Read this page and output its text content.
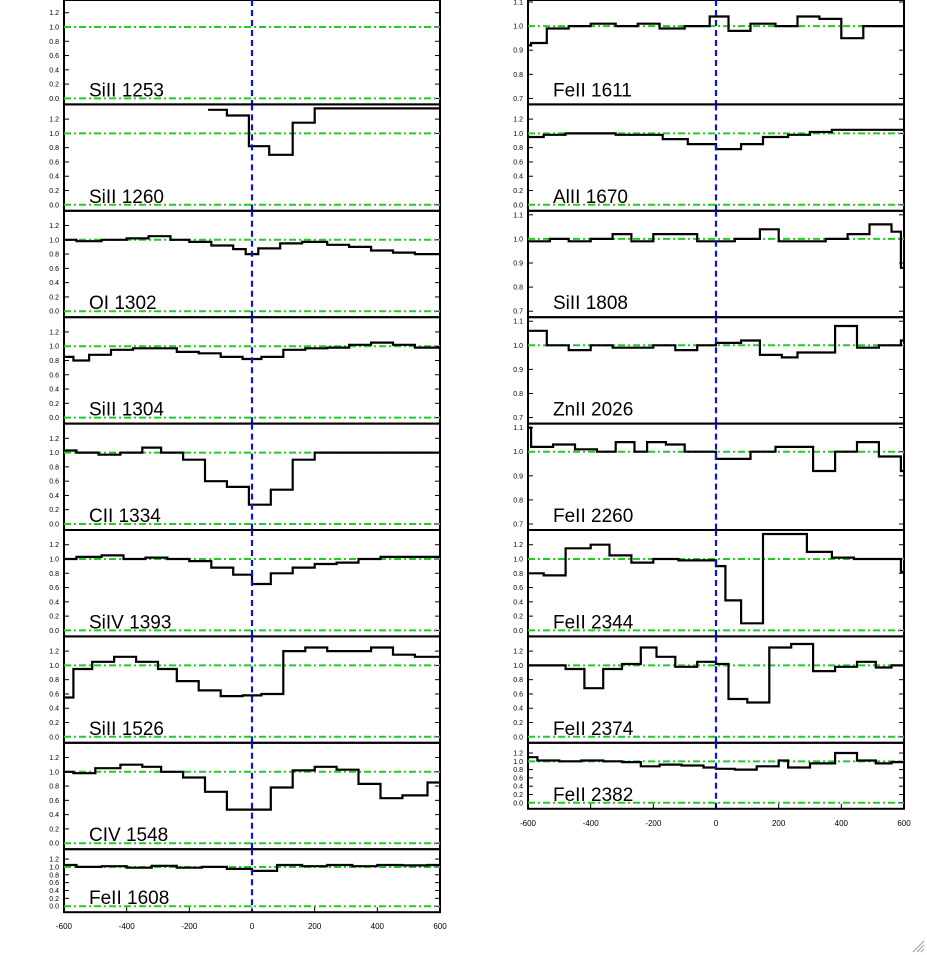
0.0
0.2
0.4
0.6
0.8
1.0
1.2
SiII 1253
0.0
0.2
0.4
0.6
0.8
1.0
1.2
SiII 1260
0.0
0.2
0.4
0.6
0.8
1.0
1.2
OI 1302
0.0
0.2
0.4
0.6
0.8
1.0
1.2
SiII 1304
0.0
0.2
0.4
0.6
0.8
1.0
1.2
CII 1334
0.0
0.2
0.4
0.6
0.8
1.0
1.2
SiIV 1393
0.0
0.2
0.4
0.6
0.8
1.0
1.2
SiII 1526
0.0
0.2
0.4
0.6
0.8
1.0
1.2
CIV 1548
0.0
0.2
0.4
0.6
0.8
1.0
1.2
FeII 1608
-600	-400	-200	0	200	400	600
0.7
0.8
0.9
1.0
1.1
FeII 1611
0.0
0.2
0.4
0.6
0.8
1.0
1.2
AlII 1670
0.7
0.8
0.9
1.0
1.1
SiII 1808
0.7
0.8
0.9
1.0
1.1
ZnII 2026
0.7
0.8
0.9
1.0
1.1
FeII 2260
0.0
0.2
0.4
0.6
0.8
1.0
1.2
FeII 2344
0.0
0.2
0.4
0.6
0.8
1.0
1.2
FeII 2374
0.0
0.2
0.4
0.6
0.8
1.0
1.2
FeII 2382
-600	-400	-200	0	200	400	600
